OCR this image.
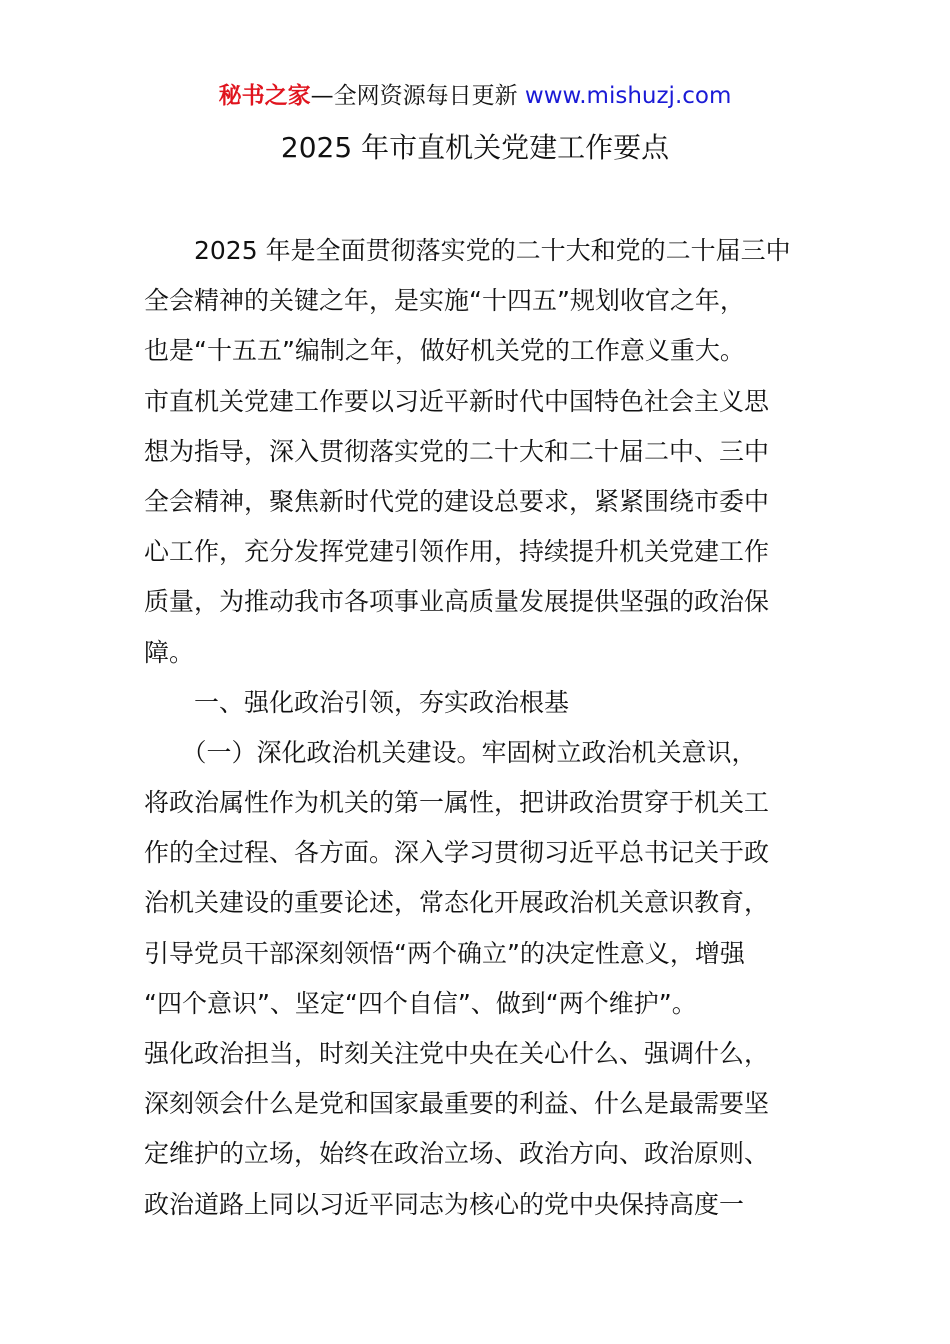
秘书之家—全网资源每日更新 www.mishuzj.com
2025 年市直机关党建工作要点
　　2025 年是全面贯彻落实党的二十大和党的二十届三中
全会精神的关键之年，是实施“十四五”规划收官之年，
也是“十五五”编制之年，做好机关党的工作意义重大。
市直机关党建工作要以习近平新时代中国特色社会主义思
想为指导，深入贯彻落实党的二十大和二十届二中、三中
全会精神，聚焦新时代党的建设总要求，紧紧围绕市委中
心工作，充分发挥党建引领作用，持续提升机关党建工作
质量，为推动我市各项事业高质量发展提供坚强的政治保
障。
　　一、强化政治引领，夯实政治根基
　　（一）深化政治机关建设。牢固树立政治机关意识，
将政治属性作为机关的第一属性，把讲政治贯穿于机关工
作的全过程、各方面。深入学习贯彻习近平总书记关于政
治机关建设的重要论述，常态化开展政治机关意识教育，
引导党员干部深刻领悟“两个确立”的决定性意义，增强
“四个意识”、坚定“四个自信”、做到“两个维护”。
强化政治担当，时刻关注党中央在关心什么、强调什么，
深刻领会什么是党和国家最重要的利益、什么是最需要坚
定维护的立场，始终在政治立场、政治方向、政治原则、
政治道路上同以习近平同志为核心的党中央保持高度一
